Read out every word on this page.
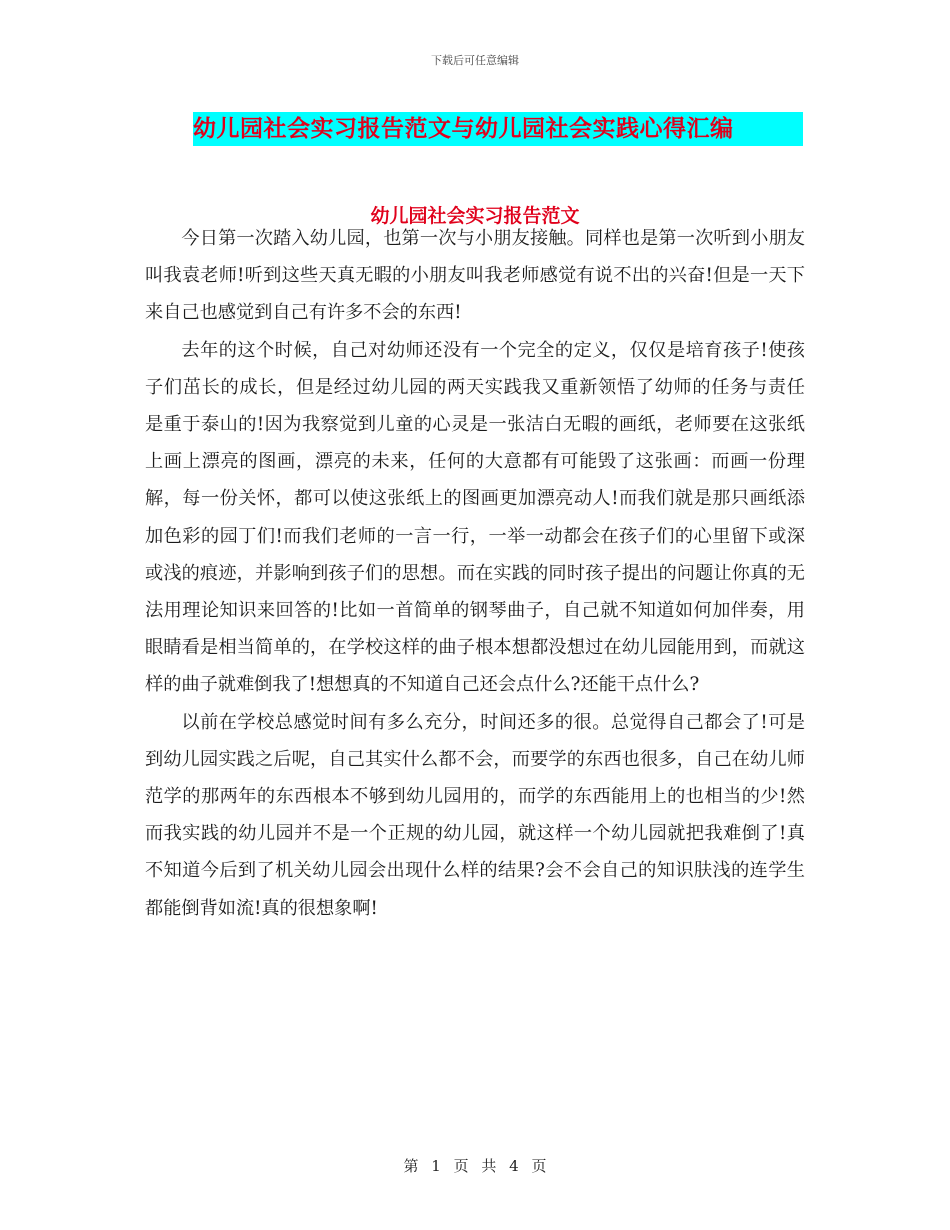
下载后可任意编辑
幼儿园社会实习报告范文与幼儿园社会实践心得汇编
幼儿园社会实习报告范文

今日第一次踏入幼儿园，也第一次与小朋友接触。同样也是第一次听到小朋友叫我袁老师!听到这些天真无暇的小朋友叫我老师感觉有说不出的兴奋!但是一天下来自己也感觉到自己有许多不会的东西!

去年的这个时候，自己对幼师还没有一个完全的定义，仅仅是培育孩子!使孩子们茁长的成长，但是经过幼儿园的两天实践我又重新领悟了幼师的任务与责任 是重于泰山的!因为我察觉到儿童的心灵是一张洁白无暇的画纸，老师要在这张纸上画上漂亮的图画，漂亮的未来，任何的大意都有可能毁了这张画：而画一份理解，每一份关怀，都可以使这张纸上的图画更加漂亮动人!而我们就是那只画纸添加色彩的园丁们!而我们老师的一言一行，一举一动都会在孩子们的心里留下或深或浅的痕迹，并影响到孩子们的思想。而在实践的同时孩子提出的问题让你真的无法用理论知识来回答的!比如一首简单的钢琴曲子，自己就不知道如何加伴奏，用眼睛看是相当简单的，在学校这样的曲子根本想都没想过在幼儿园能用到，而就这样的曲子就难倒我了!想想真的不知道自己还会点什么?还能干点什么?

以前在学校总感觉时间有多么充分，时间还多的很。总觉得自己都会了!可是到幼儿园实践之后呢，自己其实什么都不会，而要学的东西也很多，自己在幼儿师范学的那两年的东西根本不够到幼儿园用的，而学的东西能用上的也相当的少!然而我实践的幼儿园并不是一个正规的幼儿园，就这样一个幼儿园就把我难倒了!真不知道今后到了机关幼儿园会出现什么样的结果?会不会自己的知识肤浅的连学生都能倒背如流!真的很想象啊!

第 1 页 共 4 页
